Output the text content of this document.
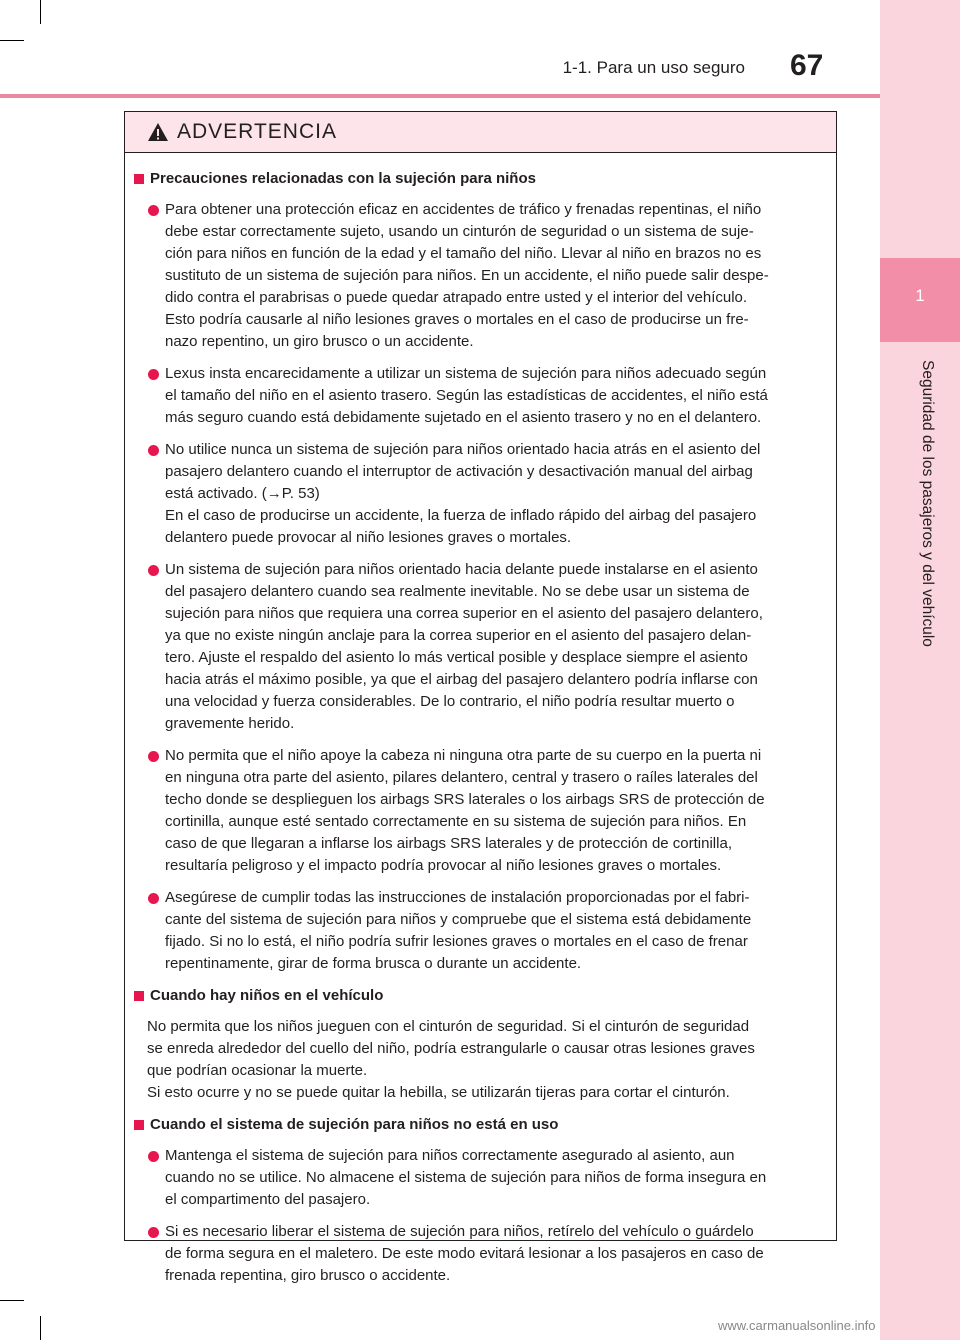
1
Seguridad de los pasajeros y del vehículo
1-1. Para un uso seguro 67
ADVERTENCIA
Precauciones relacionadas con la sujeción para niños
Para obtener una protección eficaz en accidentes de tráfico y frenadas repentinas, el niño
debe estar correctamente sujeto, usando un cinturón de seguridad o un sistema de suje-
ción para niños en función de la edad y el tamaño del niño. Llevar al niño en brazos no es
sustituto de un sistema de sujeción para niños. En un accidente, el niño puede salir despe-
dido contra el parabrisas o puede quedar atrapado entre usted y el interior del vehículo.
Esto podría causarle al niño lesiones graves o mortales en el caso de producirse un fre-
nazo repentino, un giro brusco o un accidente.
Lexus insta encarecidamente a utilizar un sistema de sujeción para niños adecuado según
el tamaño del niño en el asiento trasero. Según las estadísticas de accidentes, el niño está
más seguro cuando está debidamente sujetado en el asiento trasero y no en el delantero.
No utilice nunca un sistema de sujeción para niños orientado hacia atrás en el asiento del
pasajero delantero cuando el interruptor de activación y desactivación manual del airbag
está activado. (→P. 53)
En el caso de producirse un accidente, la fuerza de inflado rápido del airbag del pasajero
delantero puede provocar al niño lesiones graves o mortales.
Un sistema de sujeción para niños orientado hacia delante puede instalarse en el asiento
del pasajero delantero cuando sea realmente inevitable. No se debe usar un sistema de
sujeción para niños que requiera una correa superior en el asiento del pasajero delantero,
ya que no existe ningún anclaje para la correa superior en el asiento del pasajero delan-
tero. Ajuste el respaldo del asiento lo más vertical posible y desplace siempre el asiento
hacia atrás el máximo posible, ya que el airbag del pasajero delantero podría inflarse con
una velocidad y fuerza considerables. De lo contrario, el niño podría resultar muerto o
gravemente herido.
No permita que el niño apoye la cabeza ni ninguna otra parte de su cuerpo en la puerta ni
en ninguna otra parte del asiento, pilares delantero, central y trasero o raíles laterales del
techo donde se desplieguen los airbags SRS laterales o los airbags SRS de protección de
cortinilla, aunque esté sentado correctamente en su sistema de sujeción para niños. En
caso de que llegaran a inflarse los airbags SRS laterales y de protección de cortinilla,
resultaría peligroso y el impacto podría provocar al niño lesiones graves o mortales.
Asegúrese de cumplir todas las instrucciones de instalación proporcionadas por el fabri-
cante del sistema de sujeción para niños y compruebe que el sistema está debidamente
fijado. Si no lo está, el niño podría sufrir lesiones graves o mortales en el caso de frenar
repentinamente, girar de forma brusca o durante un accidente.
Cuando hay niños en el vehículo
No permita que los niños jueguen con el cinturón de seguridad. Si el cinturón de seguridad
se enreda alrededor del cuello del niño, podría estrangularle o causar otras lesiones graves
que podrían ocasionar la muerte.
Si esto ocurre y no se puede quitar la hebilla, se utilizarán tijeras para cortar el cinturón.
Cuando el sistema de sujeción para niños no está en uso
Mantenga el sistema de sujeción para niños correctamente asegurado al asiento, aun
cuando no se utilice. No almacene el sistema de sujeción para niños de forma insegura en
el compartimento del pasajero.
Si es necesario liberar el sistema de sujeción para niños, retírelo del vehículo o guárdelo
de forma segura en el maletero. De este modo evitará lesionar a los pasajeros en caso de
frenada repentina, giro brusco o accidente.
www.carmanualsonline.info
